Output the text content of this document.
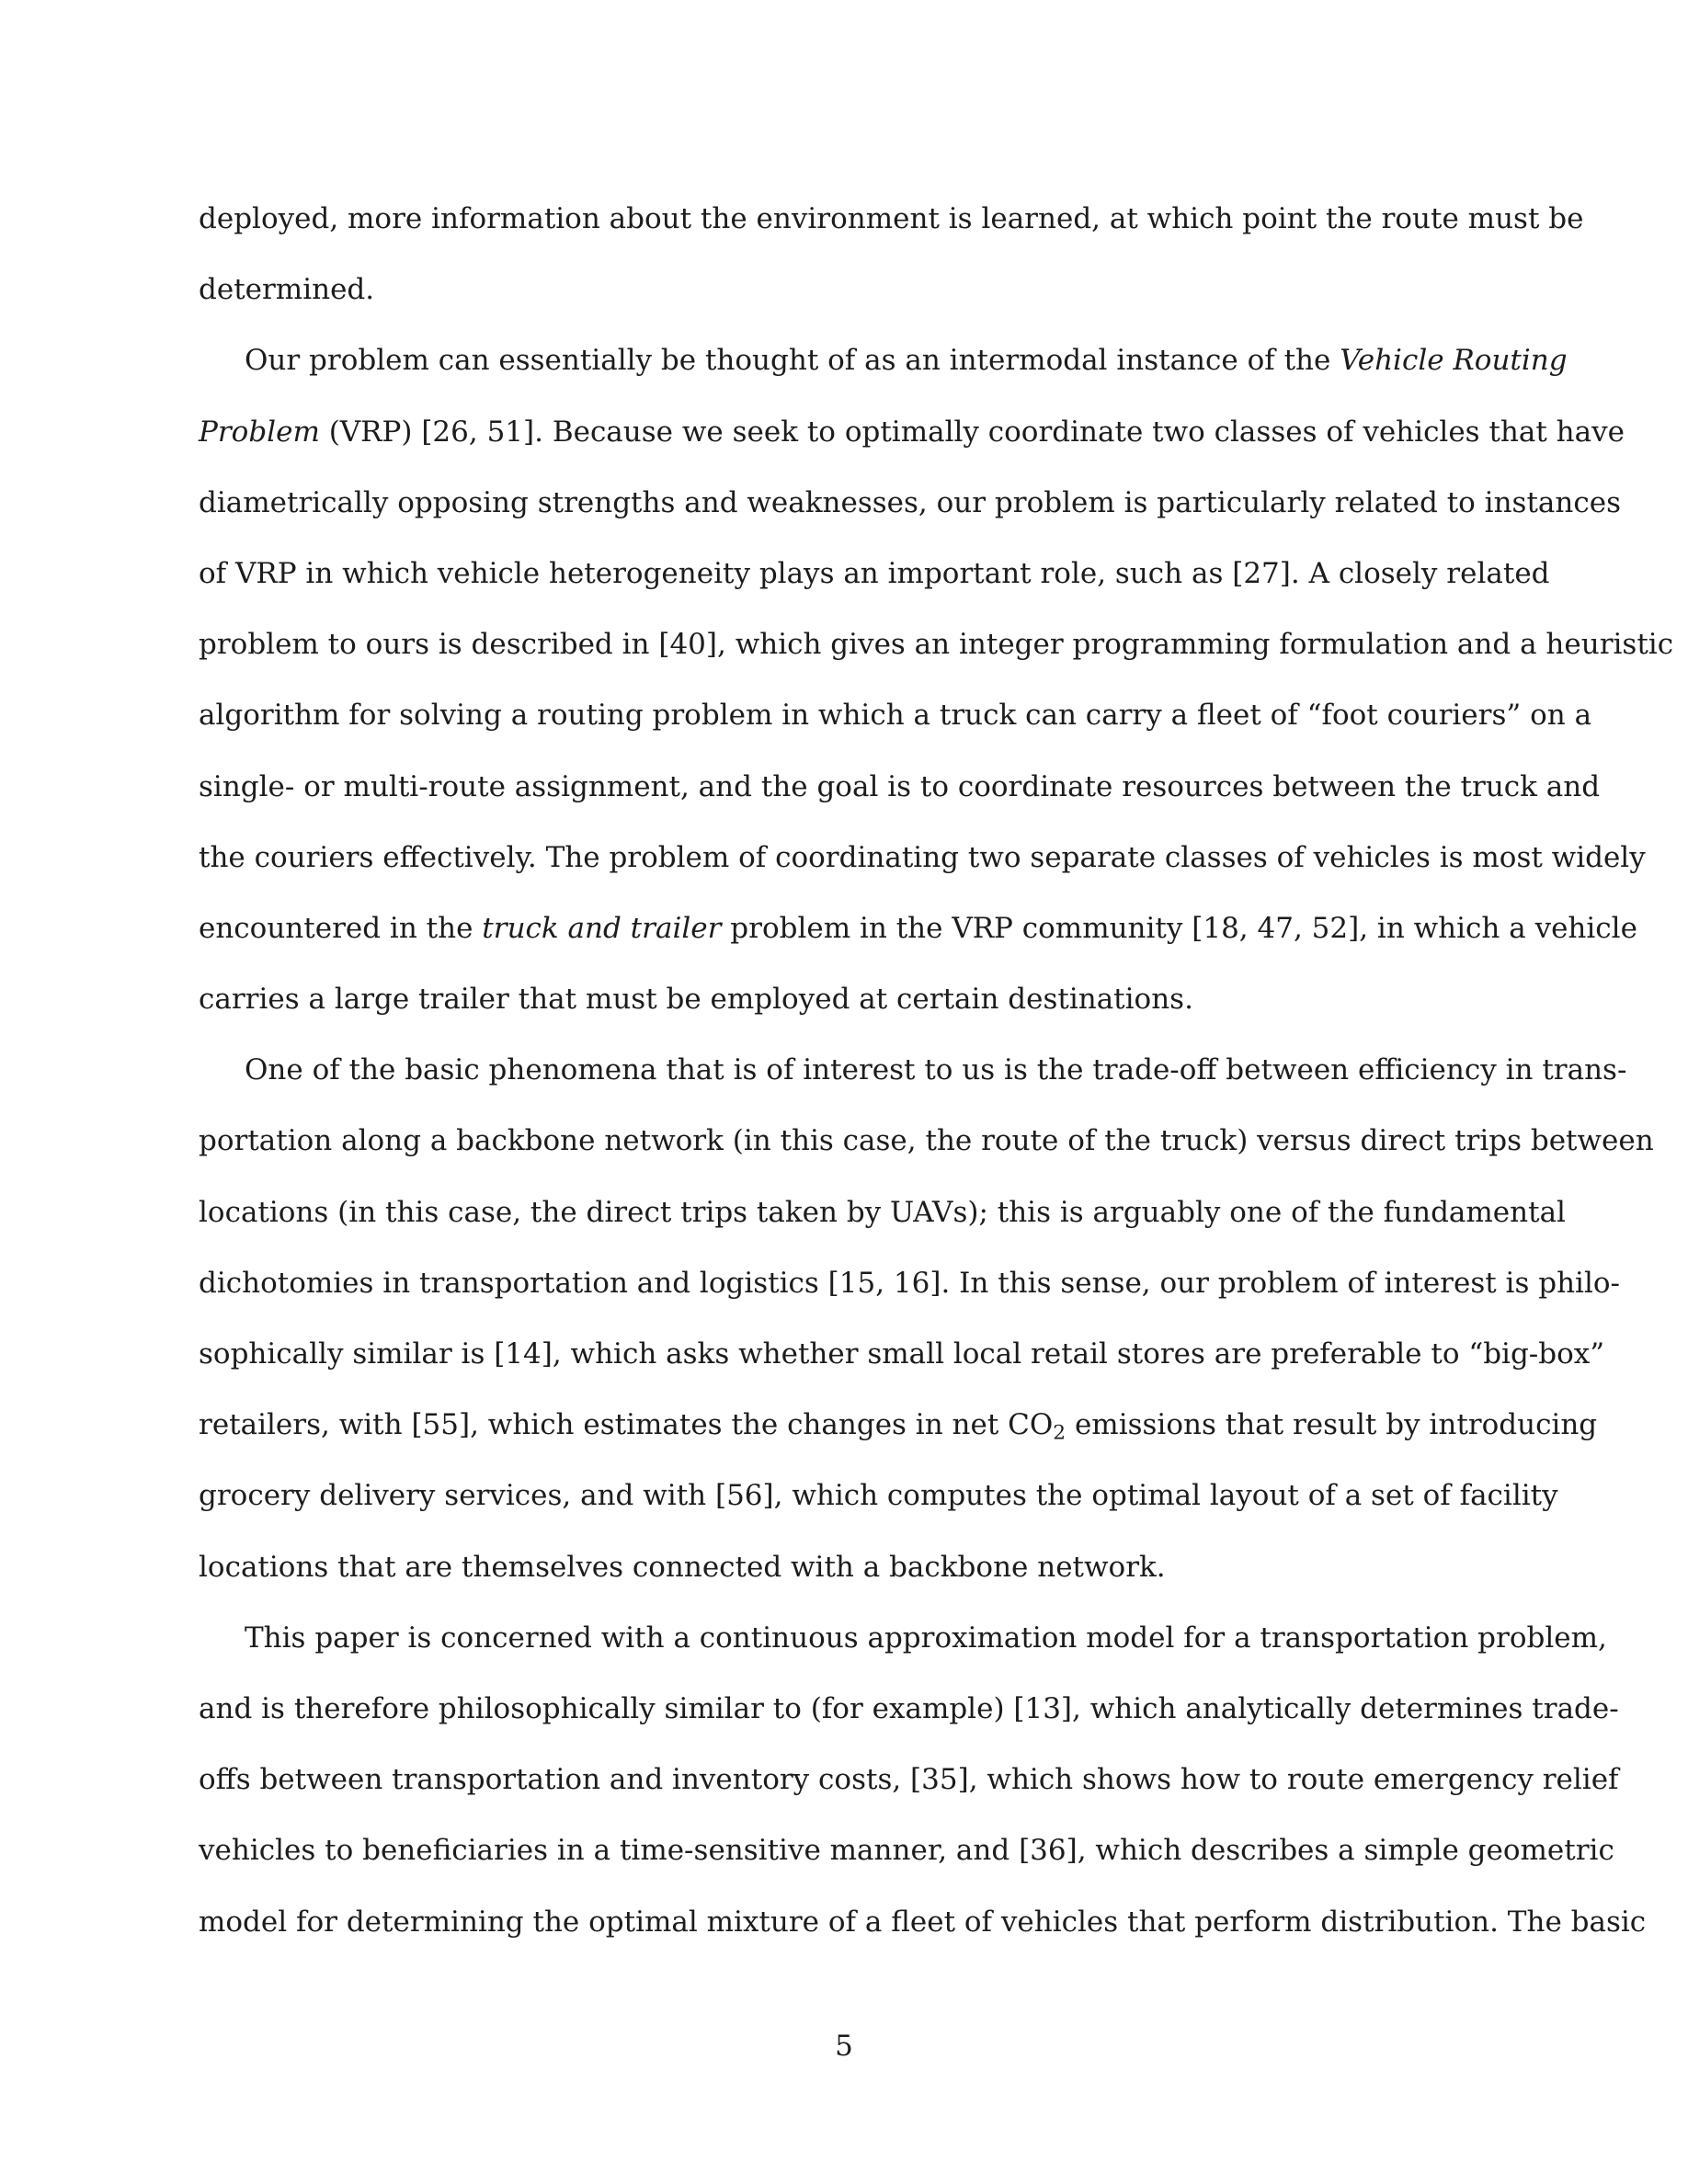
deployed, more information about the environment is learned, at which point the route must be
determined.
Our problem can essentially be thought of as an intermodal instance of the Vehicle Routing
Problem (VRP) [26, 51]. Because we seek to optimally coordinate two classes of vehicles that have
diametrically opposing strengths and weaknesses, our problem is particularly related to instances
of VRP in which vehicle heterogeneity plays an important role, such as [27]. A closely related
problem to ours is described in [40], which gives an integer programming formulation and a heuristic
algorithm for solving a routing problem in which a truck can carry a fleet of “foot couriers” on a
single- or multi-route assignment, and the goal is to coordinate resources between the truck and
the couriers effectively. The problem of coordinating two separate classes of vehicles is most widely
encountered in the truck and trailer problem in the VRP community [18, 47, 52], in which a vehicle
carries a large trailer that must be employed at certain destinations.
One of the basic phenomena that is of interest to us is the trade-off between efficiency in trans-
portation along a backbone network (in this case, the route of the truck) versus direct trips between
locations (in this case, the direct trips taken by UAVs); this is arguably one of the fundamental
dichotomies in transportation and logistics [15, 16]. In this sense, our problem of interest is philo-
sophically similar is [14], which asks whether small local retail stores are preferable to “big-box”
retailers, with [55], which estimates the changes in net $CO_2$ emissions that result by introducing
grocery delivery services, and with [56], which computes the optimal layout of a set of facility
locations that are themselves connected with a backbone network.
This paper is concerned with a continuous approximation model for a transportation problem,
and is therefore philosophically similar to (for example) [13], which analytically determines trade-
offs between transportation and inventory costs, [35], which shows how to route emergency relief
vehicles to beneficiaries in a time-sensitive manner, and [36], which describes a simple geometric
model for determining the optimal mixture of a fleet of vehicles that perform distribution. The basic
5
